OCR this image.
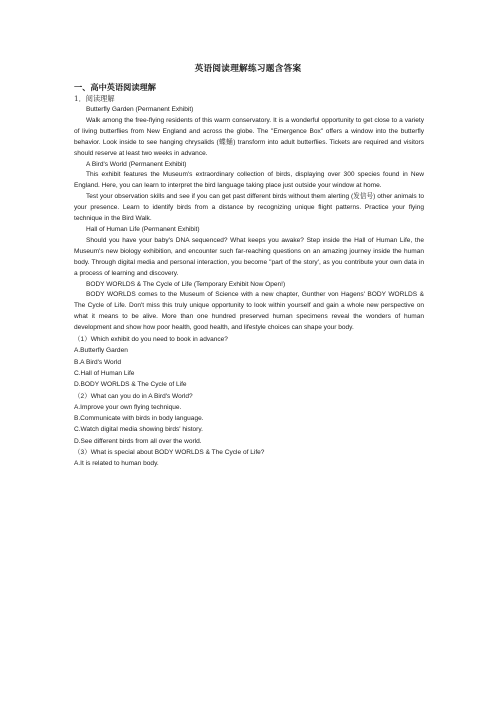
英语阅读理解练习题含答案

一、高中英语阅读理解

1．阅读理解

Butterfly Garden (Permanent Exhibit)

Walk among the free-flying residents of this warm conservatory. It is a wonderful opportunity to get close to a variety of living butterflies from New England and across the globe. The "Emergence Box" offers a window into the butterfly behavior. Look inside to see hanging chrysalids (蝶蛹) transform into adult butterflies. Tickets are required and visitors should reserve at least two weeks in advance.

A Bird's World (Permanent Exhibit)

This exhibit features the Museum's extraordinary collection of birds, displaying over 300 species found in New England. Here, you can learn to interpret the bird language taking place just outside your window at home.

Test your observation skills and see if you can get past different birds without them alerting (发信号) other animals to your presence. Learn to identify birds from a distance by recognizing unique flight patterns. Practice your flying technique in the Bird Walk.

Hall of Human Life (Permanent Exhibit)

Should you have your baby's DNA sequenced? What keeps you awake? Step inside the Hall of Human Life, the Museum's new biology exhibition, and encounter such far-reaching questions on an amazing journey inside the human body. Through digital media and personal interaction, you become "part of the story', as you contribute your own data in a process of learning and discovery.

BODY WORLDS & The Cycle of Life (Temporary Exhibit Now Open!)

BODY WORLDS comes to the Museum of Science with a new chapter, Gunther von Hagens' BODY WORLDS & The Cycle of Life. Don't miss this truly unique opportunity to look within yourself and gain a whole new perspective on what it means to be alive. More than one hundred preserved human specimens reveal the wonders of human development and show how poor health, good health, and lifestyle choices can shape your body.

（1）Which exhibit do you need to book in advance?

A.Butterfly Garden

B.A Bird's World

C.Hall of Human Life

D.BODY WORLDS & The Cycle of Life

（2）What can you do in A Bird's World?

A.Improve your own flying technique.

B.Communicate with birds in body language.

C.Watch digital media showing birds' history.

D.See different birds from all over the world.

（3）What is special about BODY WORLDS & The Cycle of Life?

A.It is related to human body.
